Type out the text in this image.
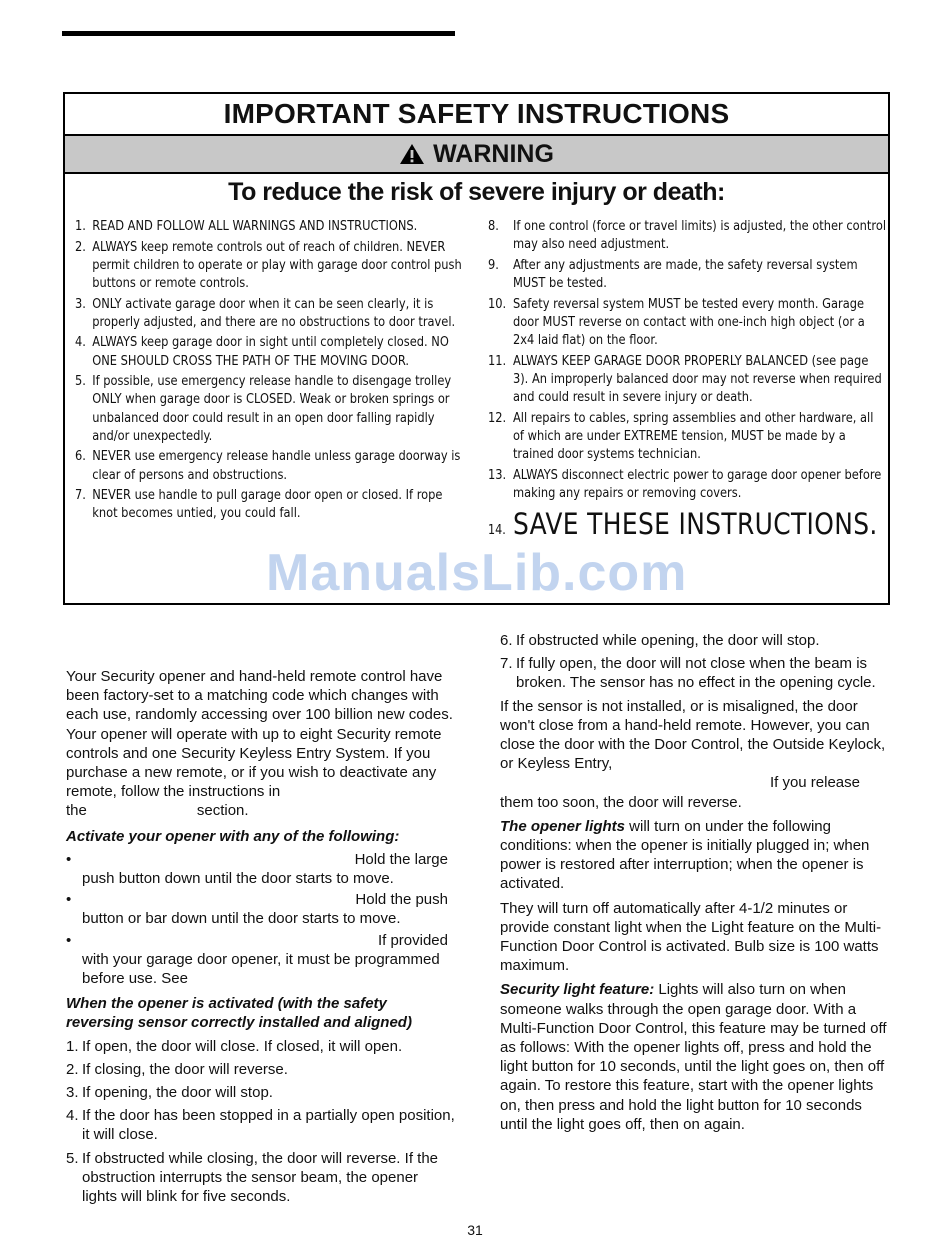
IMPORTANT SAFETY INSTRUCTIONS
WARNING
To reduce the risk of severe injury or death:
1. READ AND FOLLOW ALL WARNINGS AND INSTRUCTIONS.
2. ALWAYS keep remote controls out of reach of children. NEVER permit children to operate or play with garage door control push buttons or remote controls.
3. ONLY activate garage door when it can be seen clearly, it is properly adjusted, and there are no obstructions to door travel.
4. ALWAYS keep garage door in sight until completely closed. NO ONE SHOULD CROSS THE PATH OF THE MOVING DOOR.
5. If possible, use emergency release handle to disengage trolley ONLY when garage door is CLOSED. Weak or broken springs or unbalanced door could result in an open door falling rapidly and/or unexpectedly.
6. NEVER use emergency release handle unless garage doorway is clear of persons and obstructions.
7. NEVER use handle to pull garage door open or closed. If rope knot becomes untied, you could fall.
8.	If one control (force or travel limits) is adjusted, the other control may also need adjustment.
9.	After any adjustments are made, the safety reversal system MUST be tested.
10. Safety reversal system MUST be tested every month. Garage door MUST reverse on contact with one-inch high object (or a 2x4 laid flat) on the floor.
11. ALWAYS KEEP GARAGE DOOR PROPERLY BALANCED (see page 3). An improperly balanced door may not reverse when required and could result in severe injury or death.
12. All repairs to cables, spring assemblies and other hardware, all of which are under EXTREME tension, MUST be made by a trained door systems technician.
13. ALWAYS disconnect electric power to garage door opener before making any repairs or removing covers.
14. SAVE THESE INSTRUCTIONS.
ManualsLib.com

Your Security opener and hand-held remote control have been factory-set to a matching code which changes with each use, randomly accessing over 100 billion new codes. Your opener will operate with up to eight Security remote controls and one Security Keyless Entry System. If you purchase a new remote, or if you wish to deactivate any remote, follow the instructions in the	section.

Activate your opener with any of the following:
•	Hold the large
push button down until the door starts to move.
•	Hold the push
button or bar down until the door starts to move.
•	If provided
with your garage door opener, it must be programmed before use. See
When the opener is activated (with the safety reversing sensor correctly installed and aligned)
1. If open, the door will close. If closed, it will open.
2. If closing, the door will reverse.
3. If opening, the door will stop.
4. If the door has been stopped in a partially open position, it will close.
5. If obstructed while closing, the door will reverse. If the obstruction interrupts the sensor beam, the opener lights will blink for five seconds.
6. If obstructed while opening, the door will stop.
7. If fully open, the door will not close when the beam is broken. The sensor has no effect in the opening cycle.

If the sensor is not installed, or is misaligned, the door won't close from a hand-held remote. However, you can close the door with the Door Control, the Outside Keylock, or Keyless Entry,
If you release
them too soon, the door will reverse.

The opener lights will turn on under the following conditions: when the opener is initially plugged in; when power is restored after interruption; when the opener is activated.

They will turn off automatically after 4-1/2 minutes or provide constant light when the Light feature on the Multi-Function Door Control is activated. Bulb size is 100 watts maximum.

Security light feature: Lights will also turn on when someone walks through the open garage door. With a Multi-Function Door Control, this feature may be turned off as follows: With the opener lights off, press and hold the light button for 10 seconds, until the light goes on, then off again. To restore this feature, start with the opener lights on, then press and hold the light button for 10 seconds until the light goes off, then on again.

31
